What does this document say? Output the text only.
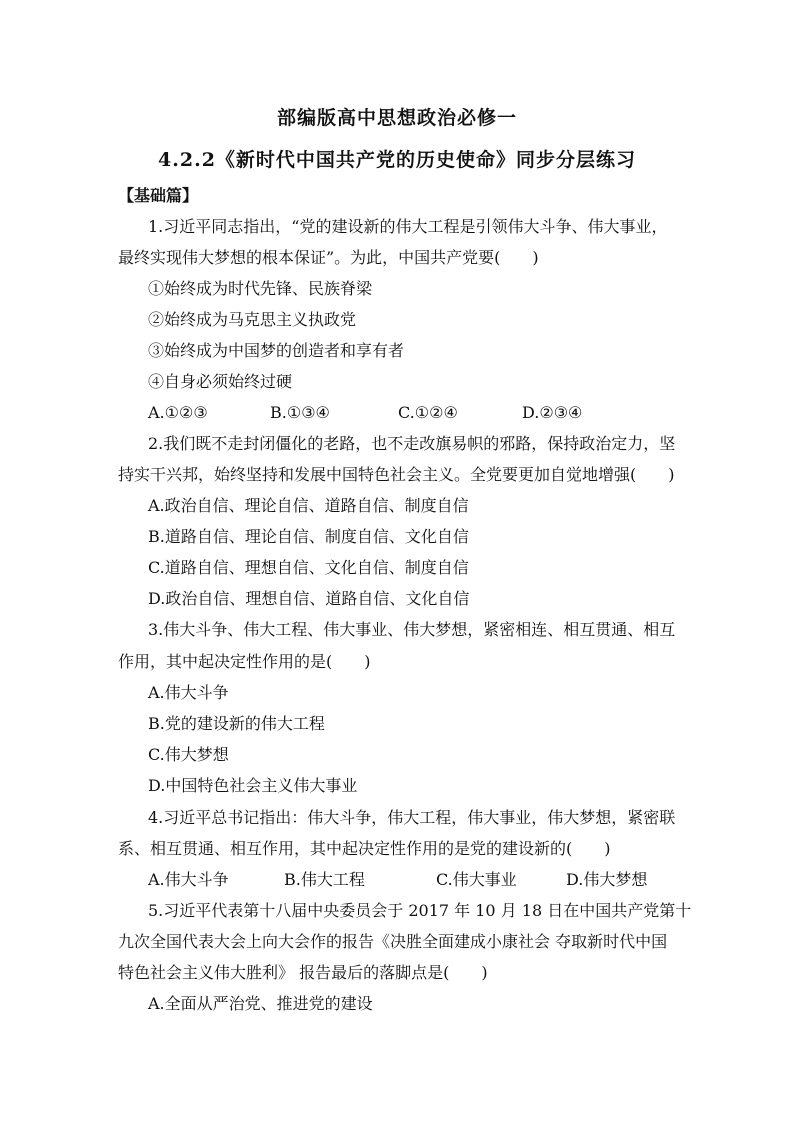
部编版高中思想政治必修一
4.2.2《新时代中国共产党的历史使命》同步分层练习
【基础篇】
1.习近平同志指出，“党的建设新的伟大工程是引领伟大斗争、伟大事业，
最终实现伟大梦想的根本保证”。为此，中国共产党要(　　)
①始终成为时代先锋、民族脊梁
②始终成为马克思主义执政党
③始终成为中国梦的创造者和享有者
④自身必须始终过硬
A.①②③	B.①③④	C.①②④	D.②③④
2.我们既不走封闭僵化的老路，也不走改旗易帜的邪路，保持政治定力，坚
持实干兴邦，始终坚持和发展中国特色社会主义。全党要更加自觉地增强(　　)
A.政治自信、理论自信、道路自信、制度自信
B.道路自信、理论自信、制度自信、文化自信
C.道路自信、理想自信、文化自信、制度自信
D.政治自信、理想自信、道路自信、文化自信
3.伟大斗争、伟大工程、伟大事业、伟大梦想，紧密相连、相互贯通、相互
作用，其中起决定性作用的是(　　)
A.伟大斗争
B.党的建设新的伟大工程
C.伟大梦想
D.中国特色社会主义伟大事业
4.习近平总书记指出：伟大斗争，伟大工程，伟大事业，伟大梦想，紧密联
系、相互贯通、相互作用，其中起决定性作用的是党的建设新的(　　)
A.伟大斗争	B.伟大工程	C.伟大事业	D.伟大梦想
5.习近平代表第十八届中央委员会于 2017 年 10 月 18 日在中国共产党第十
九次全国代表大会上向大会作的报告《决胜全面建成小康社会 夺取新时代中国
特色社会主义伟大胜利》 报告最后的落脚点是(　　)
A.全面从严治党、推进党的建设
